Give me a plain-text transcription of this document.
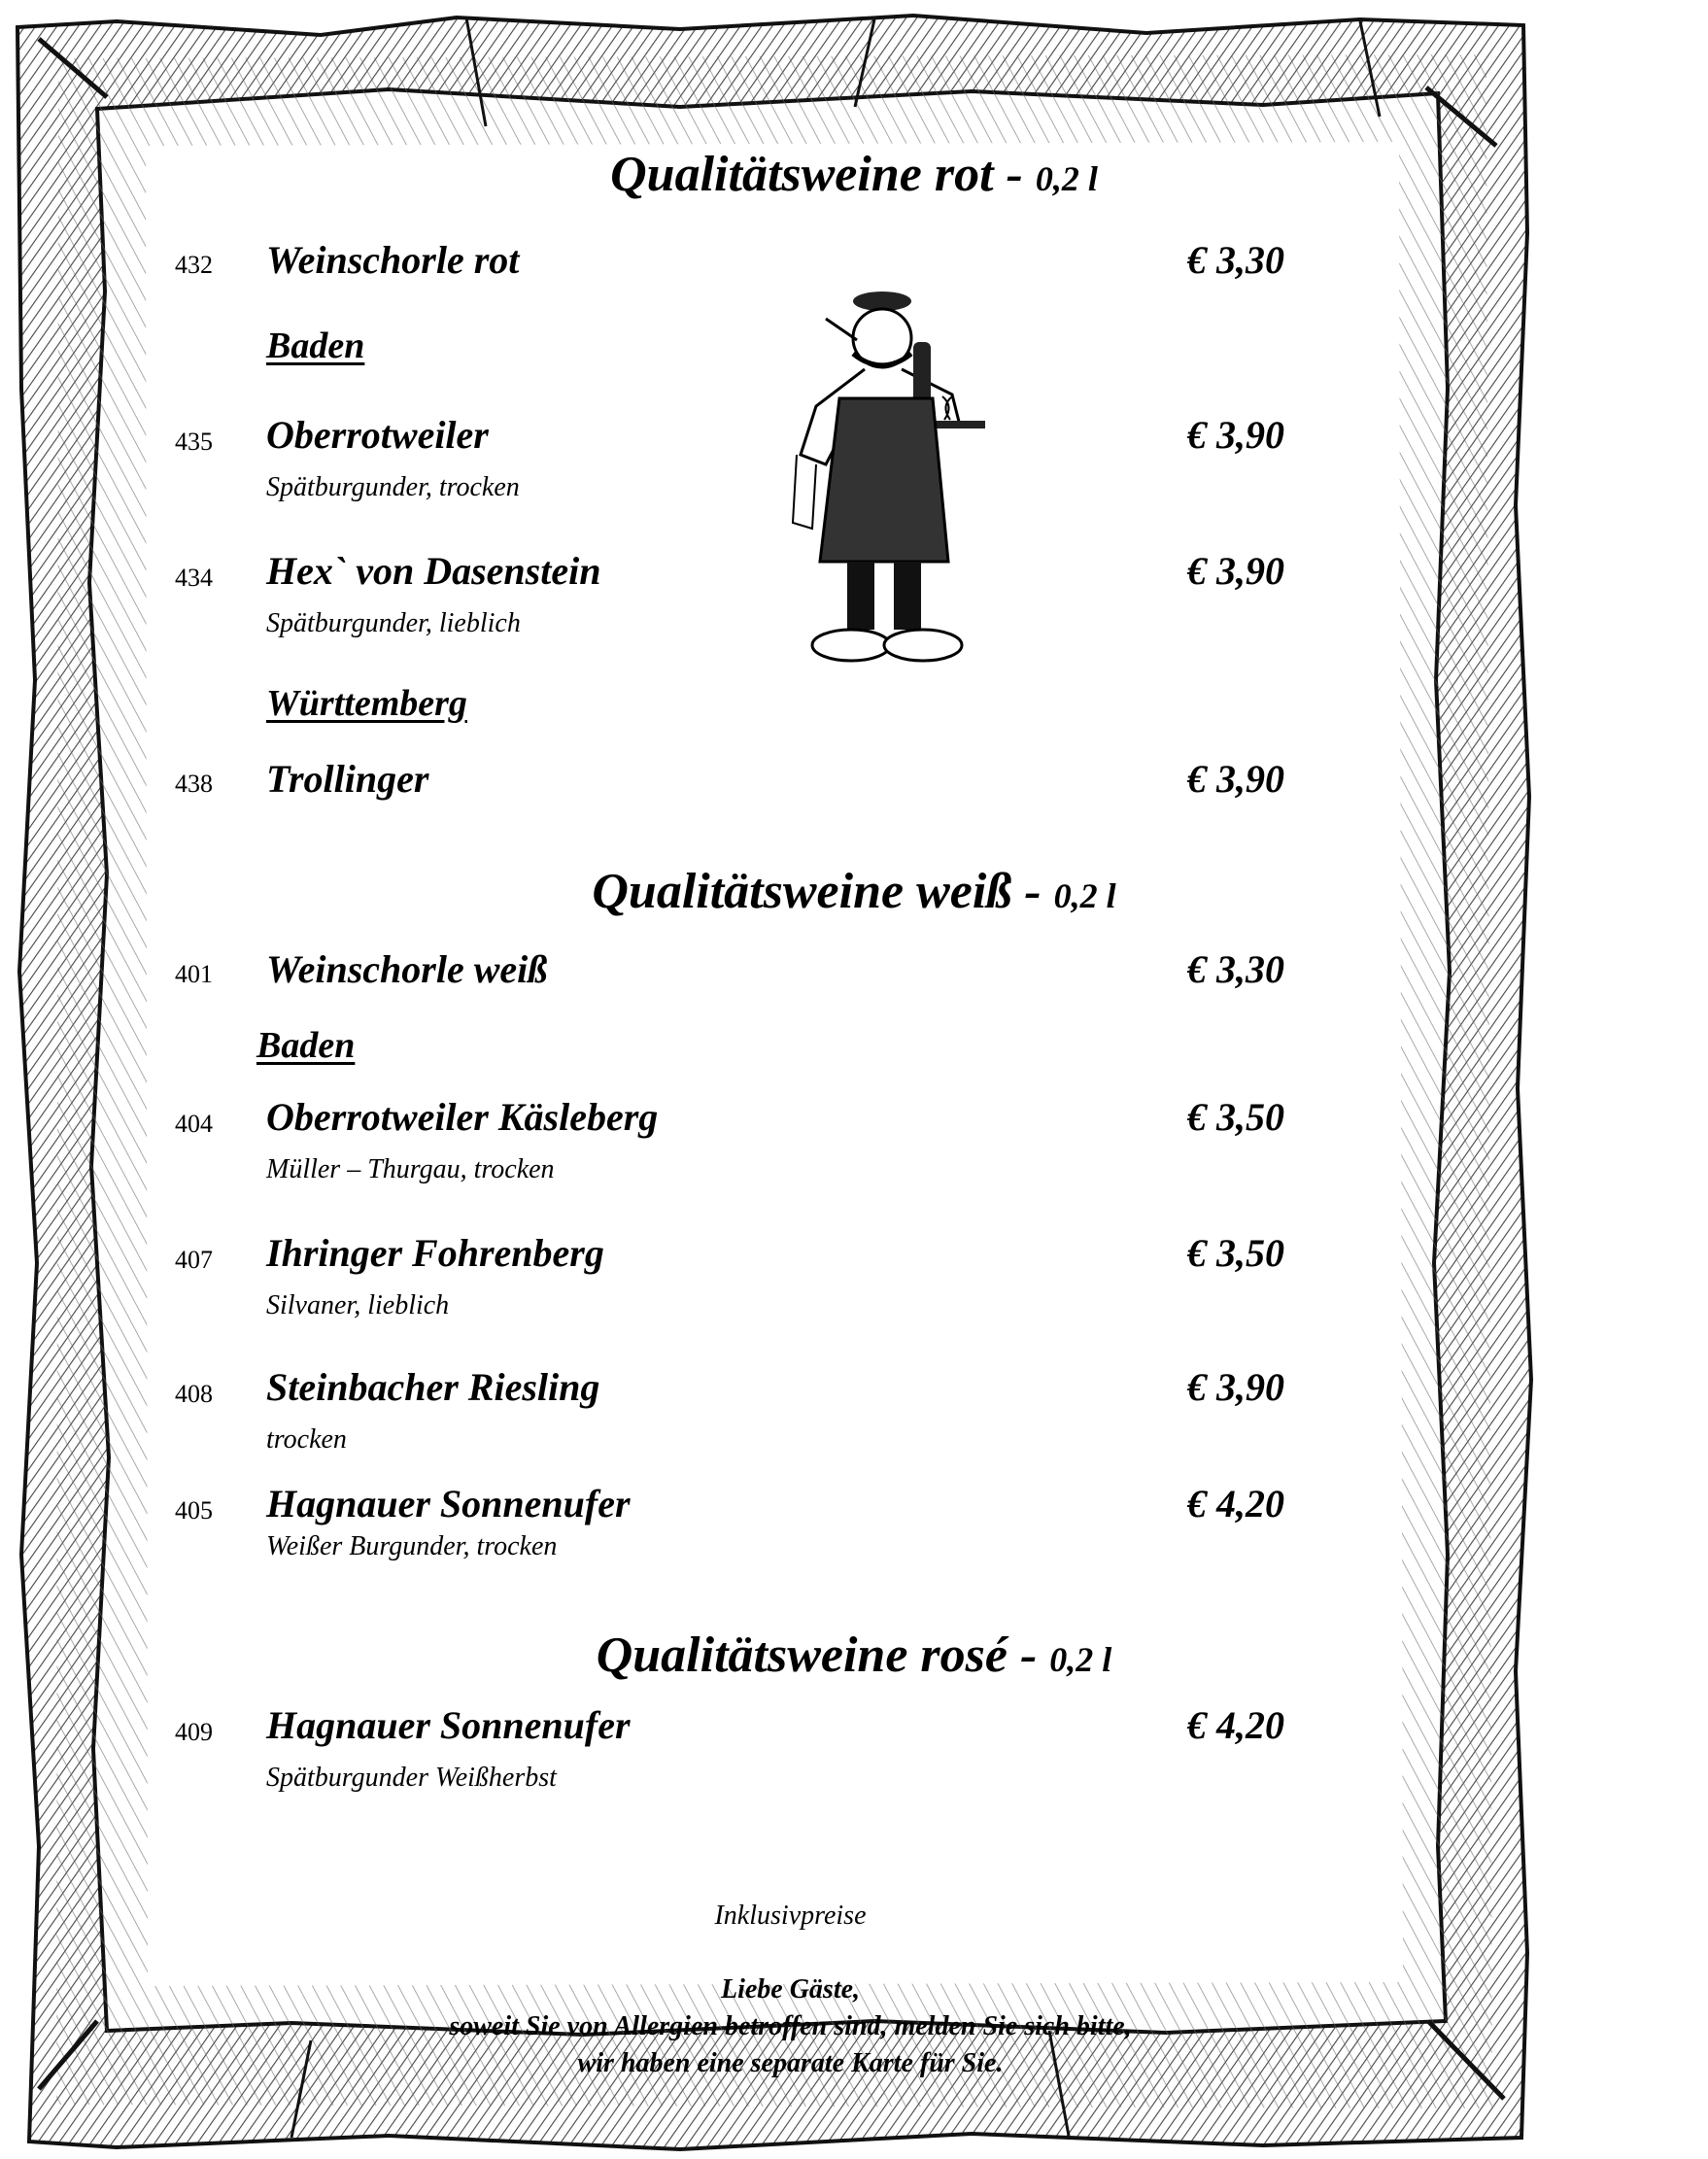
Qualitätsweine rot - 0,2 l
432 Weinschorle rot	€ 3,30
Baden
435 Oberrotweiler	€ 3,90
Spätburgunder, trocken
434 Hex` von Dasenstein	€ 3,90
Spätburgunder, lieblich
Württemberg
438 Trollinger	€ 3,90
Qualitätsweine weiß - 0,2 l
401 Weinschorle weiß	€ 3,30
Baden
404 Oberrotweiler Käsleberg	€ 3,50
Müller – Thurgau, trocken
407 Ihringer Fohrenberg	€ 3,50
Silvaner, lieblich
408 Steinbacher Riesling	€ 3,90
trocken
405 Hagnauer Sonnenufer	€ 4,20
Weißer Burgunder, trocken
Qualitätsweine rosé - 0,2 l
409 Hagnauer Sonnenufer	€ 4,20
Spätburgunder Weißherbst
Inklusivpreise
Liebe Gäste,
soweit Sie von Allergien betroffen sind, melden Sie sich bitte,
wir haben eine separate Karte für Sie.
